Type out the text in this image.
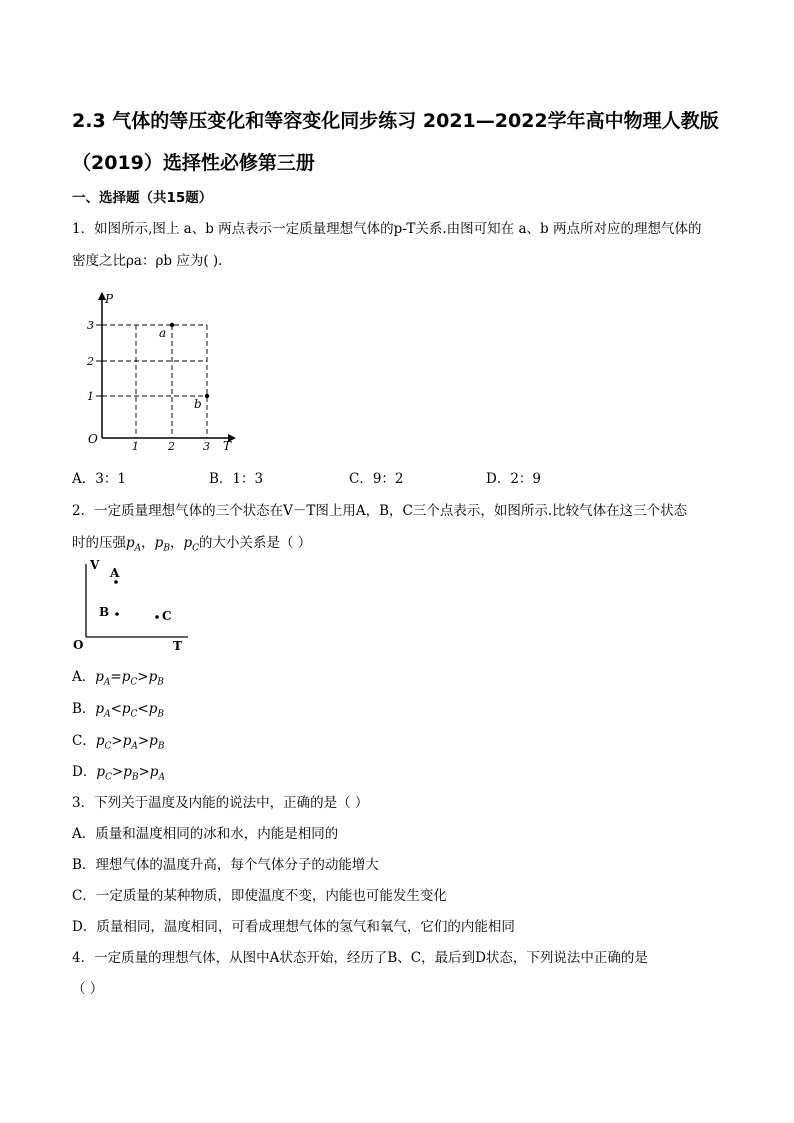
2.3 气体的等压变化和等容变化同步练习 2021—2022学年高中物理人教版（2019）选择性必修第三册
一、选择题（共15题）
1．如图所示,图上 a、b 两点表示一定质量理想气体的p-T关系.由图可知在 a、b 两点所对应的理想气体的
密度之比ρa：ρb 应为( ).
P
T
O
3
2
1
1	2	3
a
b
A．3：1	B．1：3	C．9：2	D．2：9
2．一定质量理想气体的三个状态在V－T图上用A，B，C三个点表示，如图所示.比较气体在这三个状态
时的压强$p_A$，$p_B$，$p_C$的大小关系是（ ）
V
T
O
A
B	C
A．$p_A=p_C>p_B$
B．$p_A<p_C<p_B$
C．$p_C>p_A>p_B$
D．$p_C>p_B>p_A$
3．下列关于温度及内能的说法中，正确的是（ ）
A．质量和温度相同的冰和水，内能是相同的
B．理想气体的温度升高，每个气体分子的动能增大
C．一定质量的某种物质，即使温度不变，内能也可能发生变化
D．质量相同，温度相同，可看成理想气体的氢气和氧气，它们的内能相同
4．一定质量的理想气体，从图中A状态开始，经历了B、C，最后到D状态，下列说法中正确的是
（ ）
